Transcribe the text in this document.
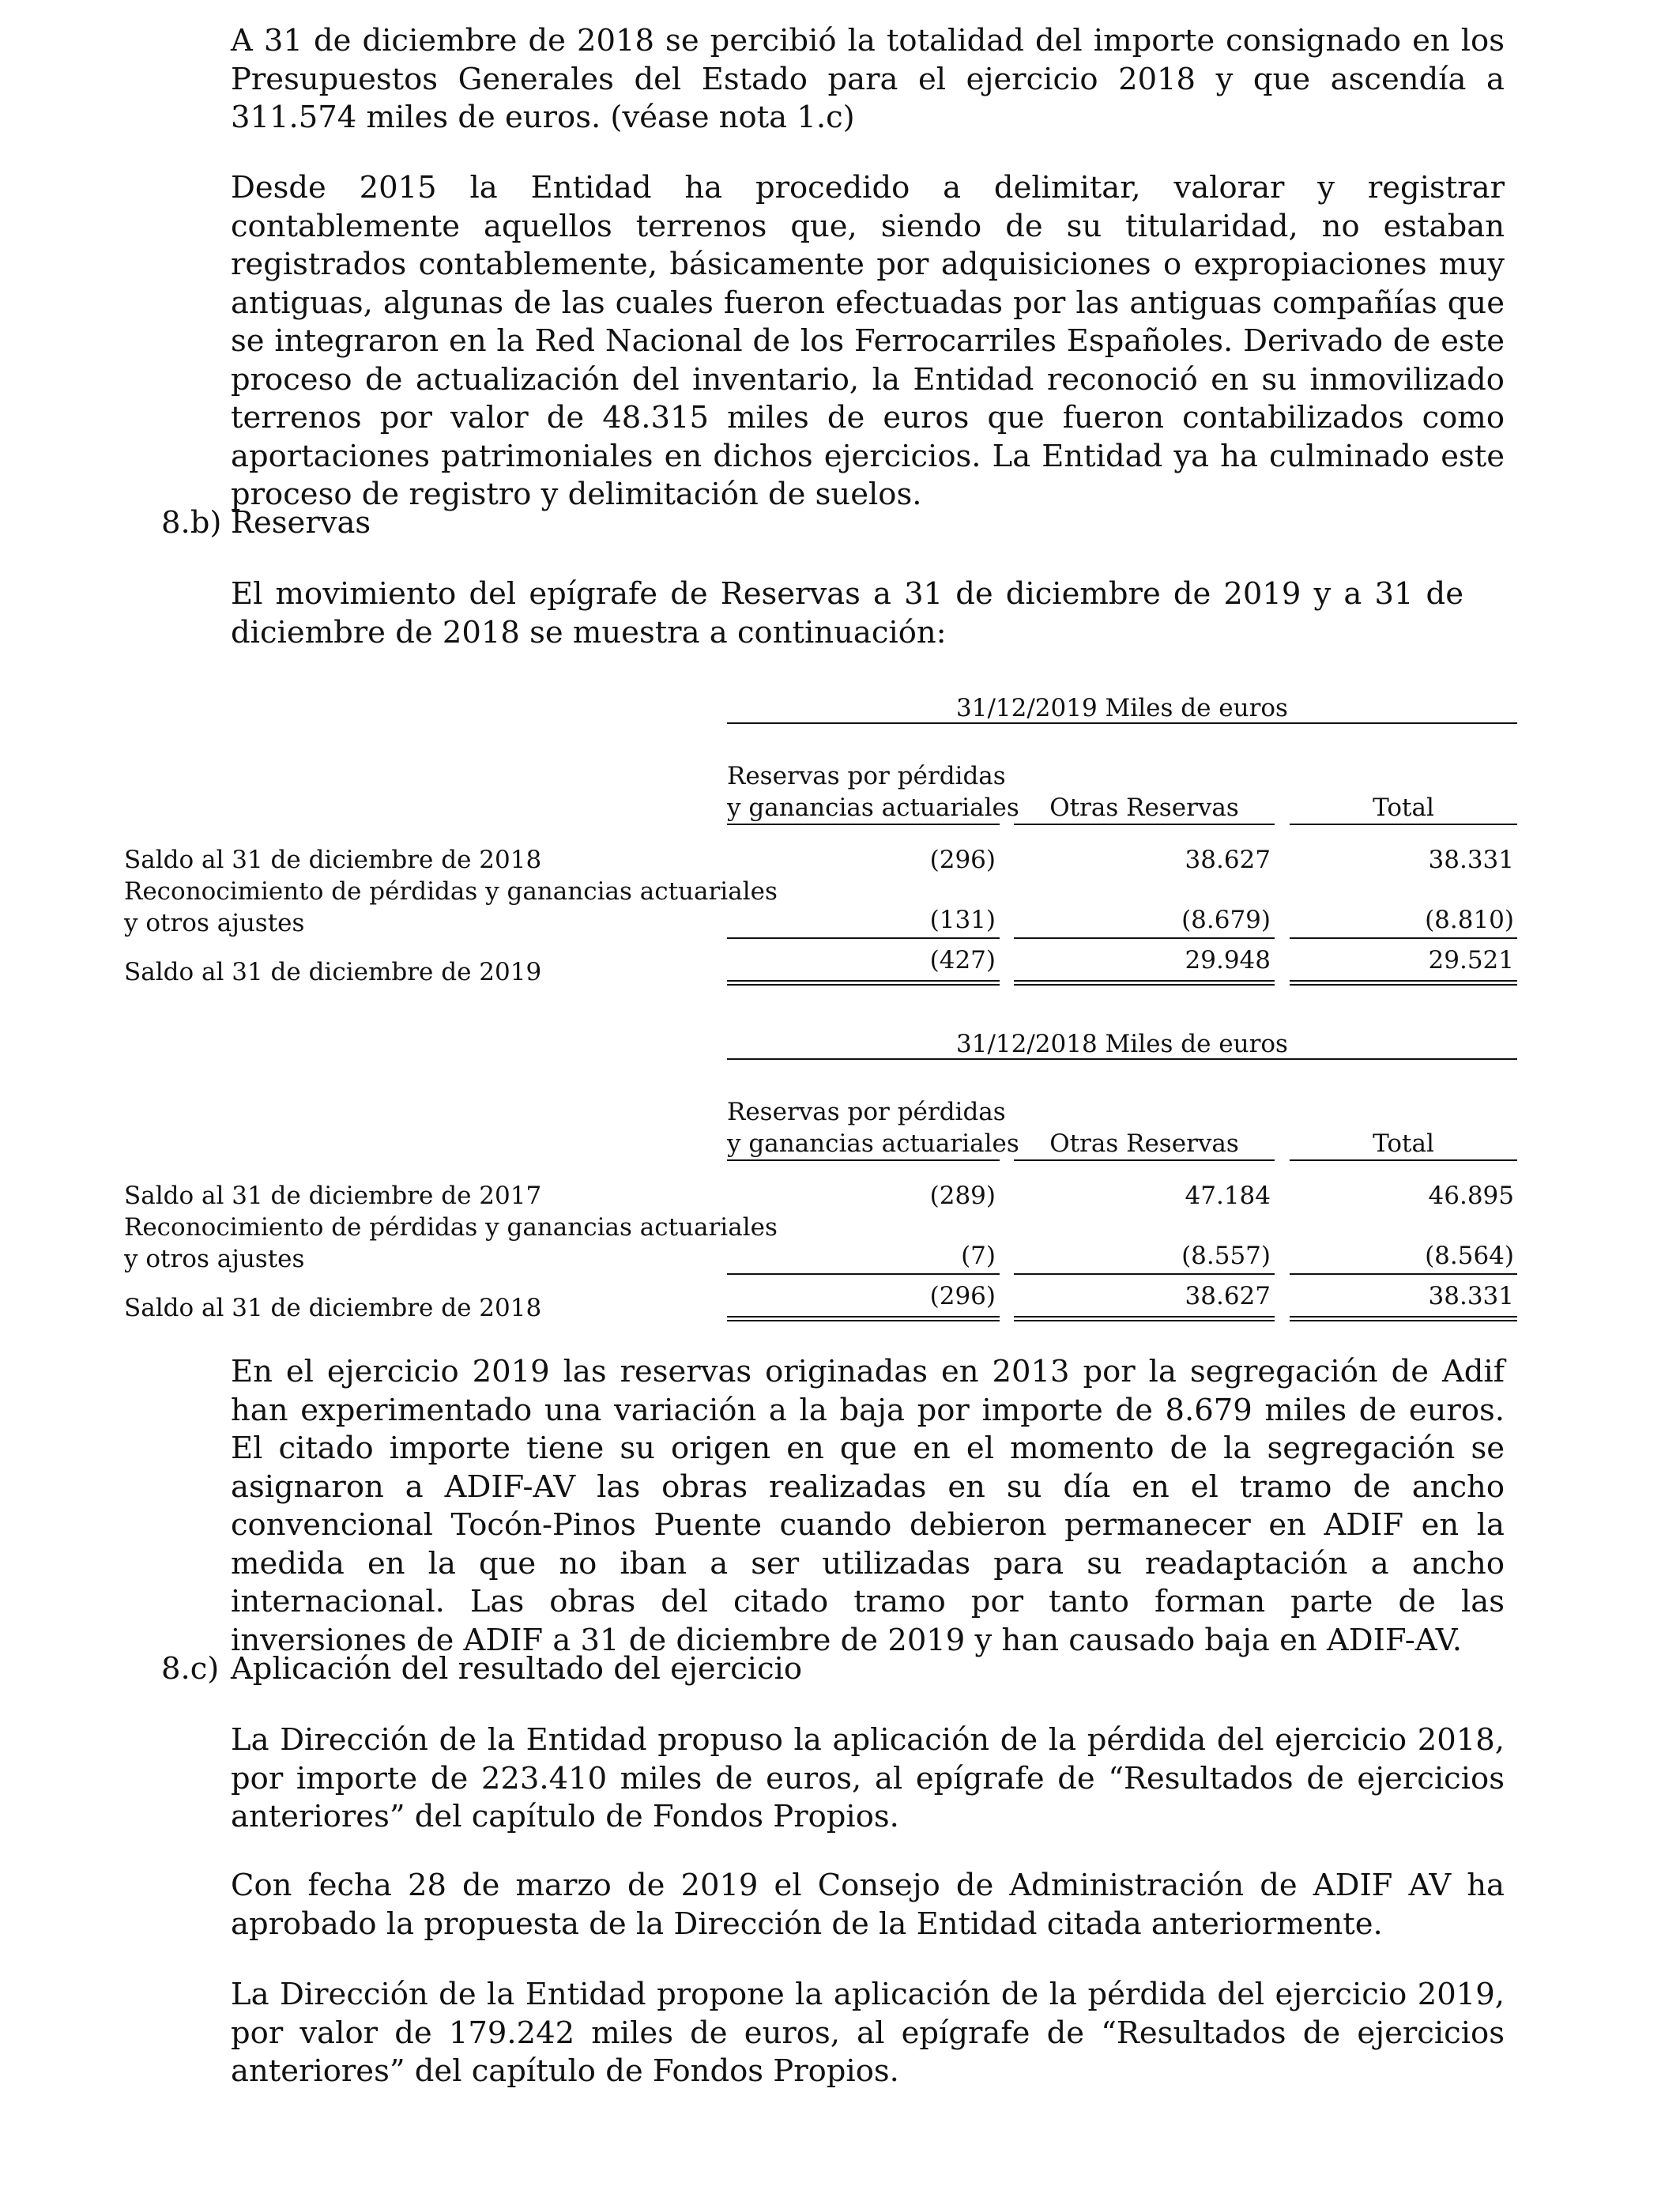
A 31 de diciembre de 2018 se percibió la totalidad del importe consignado en los Presupuestos Generales del Estado para el ejercicio 2018 y que ascendía a 311.574 miles de euros. (véase nota 1.c)

Desde 2015 la Entidad ha procedido a delimitar, valorar y registrar contablemente aquellos terrenos que, siendo de su titularidad, no estaban registrados contablemente, básicamente por adquisiciones o expropiaciones muy antiguas, algunas de las cuales fueron efectuadas por las antiguas compañías que se integraron en la Red Nacional de los Ferrocarriles Españoles. Derivado de este proceso de actualización del inventario, la Entidad reconoció en su inmovilizado terrenos por valor de 48.315 miles de euros que fueron contabilizados como aportaciones patrimoniales en dichos ejercicios. La Entidad ya ha culminado este proceso de registro y delimitación de suelos.

8.b) Reservas

El movimiento del epígrafe de Reservas a 31 de diciembre de 2019 y a 31 de diciembre de 2018 se muestra a continuación:

31/12/2019 Miles de euros
Reservas por pérdidas
y ganancias actuariales	Otras Reservas	Total
Saldo al 31 de diciembre de 2018	(296)	38.627	38.331
Reconocimiento de pérdidas y ganancias actuariales
y otros ajustes	(131)	(8.679)	(8.810)
Saldo al 31 de diciembre de 2019	(427)	29.948	29.521
31/12/2018 Miles de euros
Reservas por pérdidas
y ganancias actuariales	Otras Reservas	Total
Saldo al 31 de diciembre de 2017	(289)	47.184	46.895
Reconocimiento de pérdidas y ganancias actuariales
y otros ajustes	(7)	(8.557)	(8.564)
Saldo al 31 de diciembre de 2018	(296)	38.627	38.331

En el ejercicio 2019 las reservas originadas en 2013 por la segregación de Adif han experimentado una variación a la baja por importe de 8.679 miles de euros. El citado importe tiene su origen en que en el momento de la segregación se asignaron a ADIF-AV las obras realizadas en su día en el tramo de ancho convencional Tocón-Pinos Puente cuando debieron permanecer en ADIF en la medida en la que no iban a ser utilizadas para su readaptación a ancho internacional. Las obras del citado tramo por tanto forman parte de las inversiones de ADIF a 31 de diciembre de 2019 y han causado baja en ADIF-AV.

8.c) Aplicación del resultado del ejercicio

La Dirección de la Entidad propuso la aplicación de la pérdida del ejercicio 2018, por importe de 223.410 miles de euros, al epígrafe de “Resultados de ejercicios anteriores” del capítulo de Fondos Propios.

Con fecha 28 de marzo de 2019 el Consejo de Administración de ADIF AV ha aprobado la propuesta de la Dirección de la Entidad citada anteriormente.

La Dirección de la Entidad propone la aplicación de la pérdida del ejercicio 2019, por valor de 179.242 miles de euros, al epígrafe de “Resultados de ejercicios anteriores” del capítulo de Fondos Propios.
